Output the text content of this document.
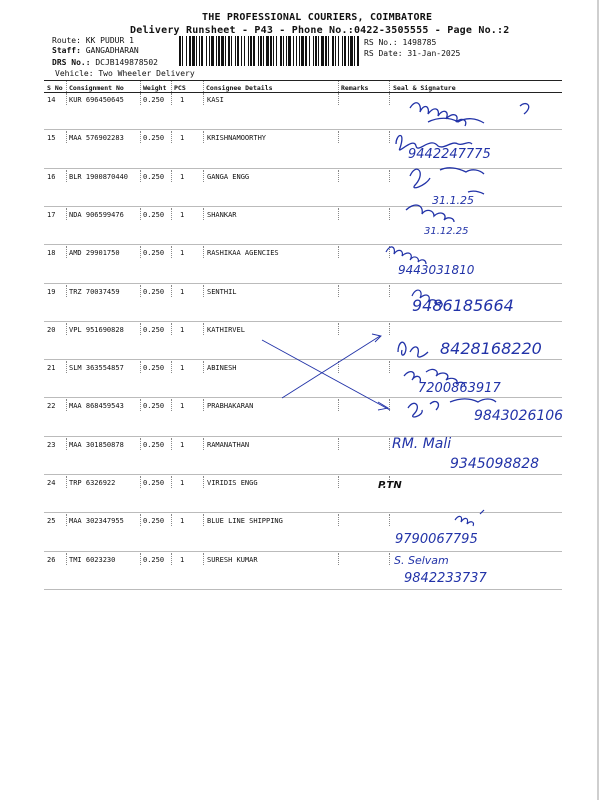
THE PROFESSIONAL COURIERS, COIMBATORE
Delivery Runsheet - P43 - Phone No.:0422-3505555 - Page No.:2
Route: KK PUDUR 1
Staff: GANGADHARAN
DRS No.: DCJB149878502
Vehicle: Two Wheeler Delivery
RS No.: 1498785
RS Date: 31-Jan-2025
S No Consignment No	Weight PCS	Consignee Details	Remarks	Seal & Signature
14 KUR 696450645	0.250 1	KASI
15 MAA 576902283	0.250 1	KRISHNAMOORTHY
16 BLR 1900870440 0.250 1	GANGA ENGG
17 NDA 906599476	0.250 1	SHANKAR
18 AMD 29901750	0.250 1	RASHIKAA AGENCIES
19 TRZ 70037459	0.250 1	SENTHIL
20 VPL 951690828	0.250 1	KATHIRVEL
21 SLM 363554857	0.250 1	ABINESH
22 MAA 868459543	0.250 1	PRABHAKARAN
23 MAA 301850878	0.250 1	RAMANATHAN
24 TRP 6326922	0.250 1	VIRIDIS ENGG
25 MAA 302347955	0.250 1	BLUE LINE SHIPPING
26 TMI 6023230	0.250 1	SURESH KUMAR
9442247775
31.1.25
31.12.25
9443031810
9486185664
8428168220
7200863917
9843026106
RM. Mali
9345098828
P.TN
9790067795
S. Selvam
9842233737
